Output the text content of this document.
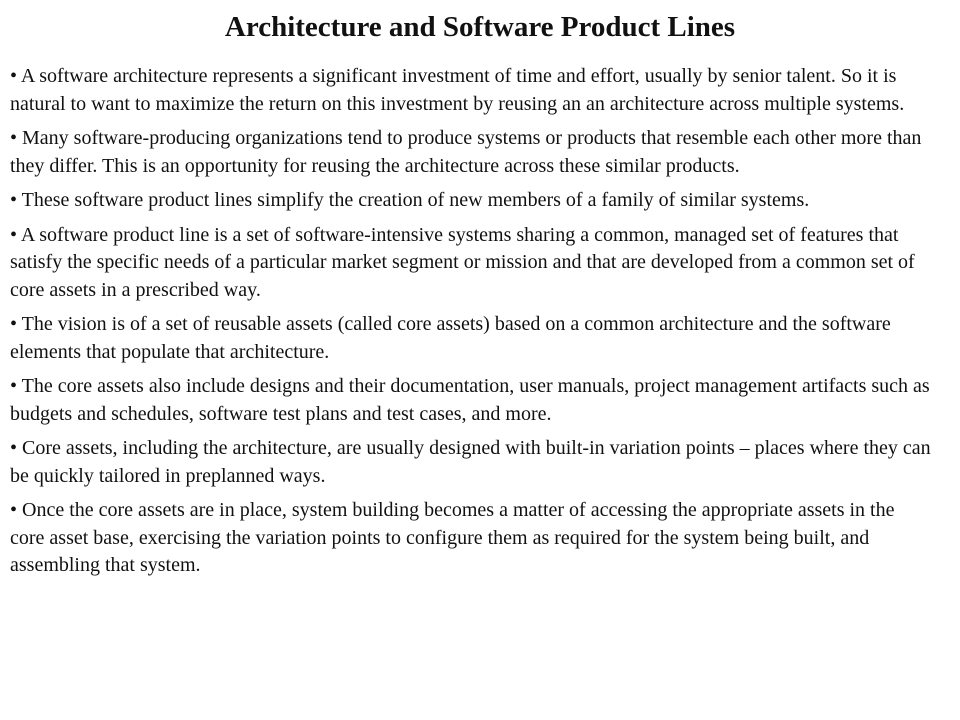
Architecture and Software Product Lines
• A software architecture represents a significant investment of time and effort, usually by senior talent. So it is natural to want to maximize the return on this investment by reusing an an architecture across multiple systems.
• Many software-producing organizations tend to produce systems or products that resemble each other more than they differ. This is an opportunity for reusing the architecture across these similar products.
• These software product lines simplify the creation of new members of a family of similar systems.
• A software product line is a set of software-intensive systems sharing a common, managed set of features that satisfy the specific needs of a particular market segment or mission and that are developed from a common set of core assets in a prescribed way.
• The vision is of a set of reusable assets (called core assets) based on a common architecture and the software elements that populate that architecture.
• The core assets also include designs and their documentation, user manuals, project management artifacts such as budgets and schedules, software test plans and test cases, and more.
• Core assets, including the architecture, are usually designed with built-in variation points – places where they can be quickly tailored in preplanned ways.
• Once the core assets are in place, system building becomes a matter of accessing the appropriate assets in the core asset base, exercising the variation points to configure them as required for the system being built, and assembling that system.
